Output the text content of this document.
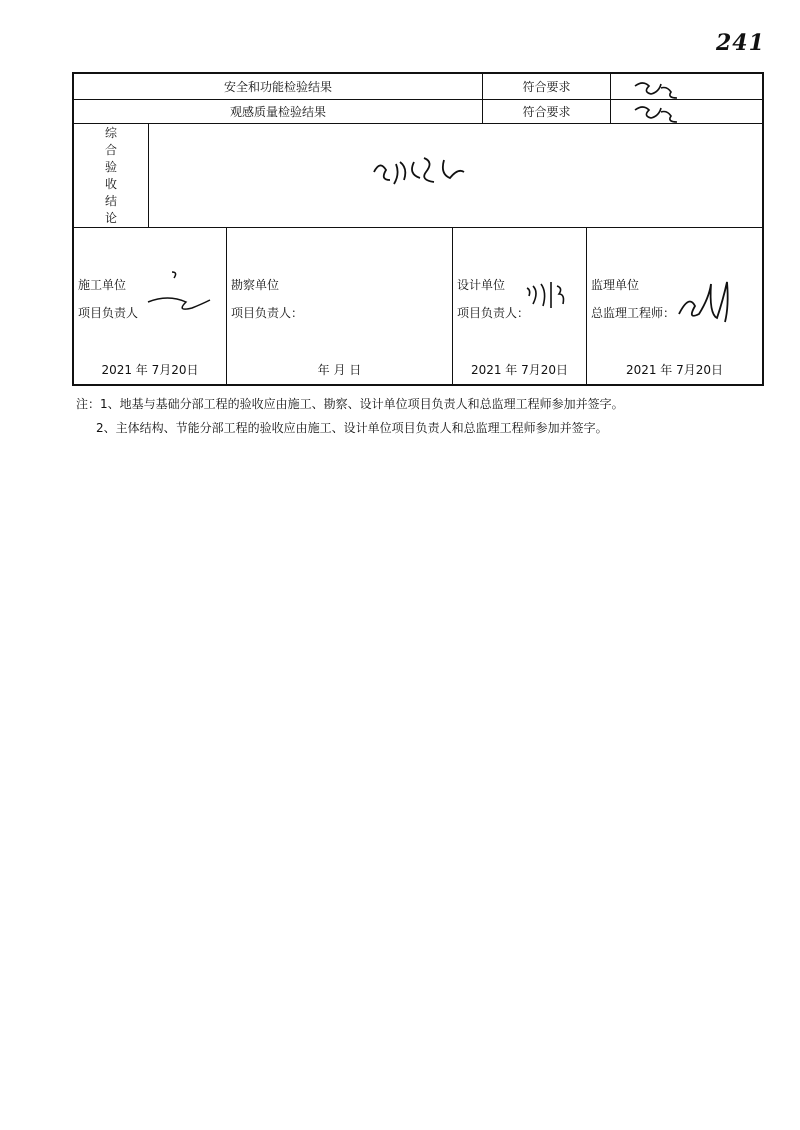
241
安全和功能检验结果	符合要求
观感质量检验结果	符合要求
综
合
验
收
结
论
施工单位
项目负责人
2021 年 7月20日
勘察单位
项目负责人：
年 月 日
设计单位
项目负责人：
2021 年 7月20日
监理单位
总监理工程师：
2021 年 7月20日
注：1、地基与基础分部工程的验收应由施工、勘察、设计单位项目负责人和总监理工程师参加并签字。
2、主体结构、节能分部工程的验收应由施工、设计单位项目负责人和总监理工程师参加并签字。
